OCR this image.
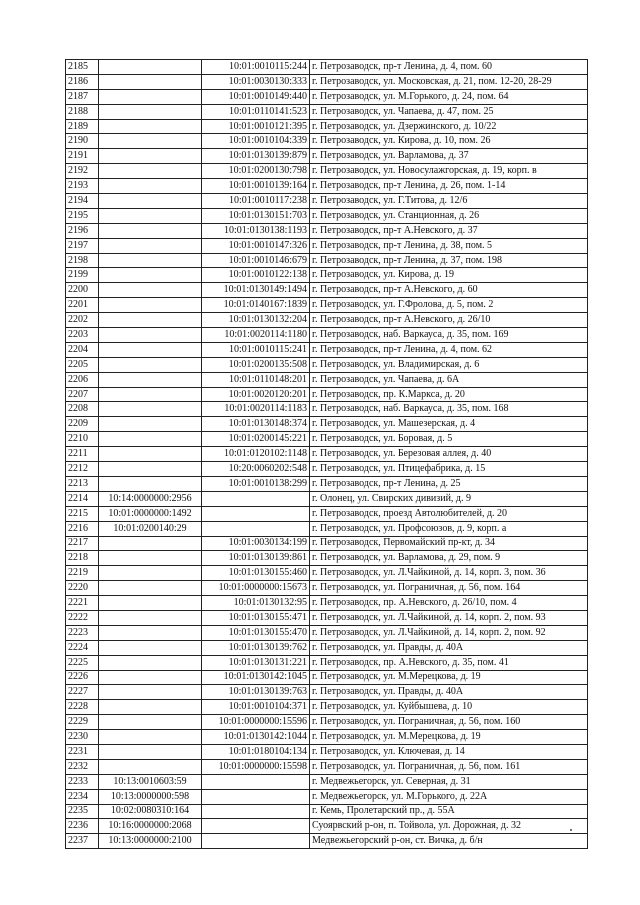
2185		10:01:0010115:244	г. Петрозаводск, пр-т Ленина, д. 4, пом. 60
2186		10:01:0030130:333	г. Петрозаводск, ул. Московская, д. 21, пом. 12-20, 28-29
2187		10:01:0010149:440	г. Петрозаводск, ул. М.Горького, д. 24, пом. 64
2188		10:01:0110141:523	г. Петрозаводск, ул. Чапаева, д. 47, пом. 25
2189		10:01:0010121:395	г. Петрозаводск, ул. Дзержинского, д. 10/22
2190		10:01:0010104:339	г. Петрозаводск, ул. Кирова, д. 10, пом. 26
2191		10:01:0130139:879	г. Петрозаводск, ул. Варламова, д. 37
2192		10:01:0200130:798	г. Петрозаводск, ул. Новосулажгорская, д. 19, корп. в
2193		10:01:0010139:164	г. Петрозаводск, пр-т Ленина, д. 26, пом. 1-14
2194		10:01:0010117:238	г. Петрозаводск, ул. Г.Титова, д. 12/6
2195		10:01:0130151:703	г. Петрозаводск, ул. Станционная, д. 26
2196		10:01:0130138:1193	г. Петрозаводск, пр-т А.Невского, д. 37
2197		10:01:0010147:326	г. Петрозаводск, пр-т Ленина, д. 38, пом. 5
2198		10:01:0010146:679	г. Петрозаводск, пр-т Ленина, д. 37, пом. 198
2199		10:01:0010122:138	г. Петрозаводск, ул. Кирова, д. 19
2200		10:01:0130149:1494	г. Петрозаводск, пр-т А.Невского, д. 60
2201		10:01:0140167:1839	г. Петрозаводск, ул. Г.Фролова, д. 5, пом. 2
2202		10:01:0130132:204	г. Петрозаводск, пр-т А.Невского, д. 26/10
2203		10:01:0020114:1180	г. Петрозаводск, наб. Варкауса, д. 35, пом. 169
2204		10:01:0010115:241	г. Петрозаводск, пр-т Ленина, д. 4, пом. 62
2205		10:01:0200135:508	г. Петрозаводск, ул. Владимирская, д. 6
2206		10:01:0110148:201	г. Петрозаводск, ул. Чапаева, д. 6А
2207		10:01:0020120:201	г. Петрозаводск, пр. К.Маркса, д. 20
2208		10:01:0020114:1183	г. Петрозаводск, наб. Варкауса, д. 35, пом. 168
2209		10:01:0130148:374	г. Петрозаводск, ул. Машезерская, д. 4
2210		10:01:0200145:221	г. Петрозаводск, ул. Боровая, д. 5
2211		10:01:0120102:1148	г. Петрозаводск, ул. Березовая аллея, д. 40
2212		10:20:0060202:548	г. Петрозаводск, ул. Птицефабрика, д. 15
2213		10:01:0010138:299	г. Петрозаводск, пр-т Ленина, д. 25
2214	10:14:0000000:2956		г. Олонец, ул. Свирских дивизий, д. 9
2215	10:01:0000000:1492		г. Петрозаводск, проезд Автолюбителей, д. 20
2216	10:01:0200140:29		г. Петрозаводск, ул. Профсоюзов, д. 9, корп. а
2217		10:01:0030134:199	г. Петрозаводск, Первомайский пр-кт, д. 34
2218		10:01:0130139:861	г. Петрозаводск, ул. Варламова, д. 29, пом. 9
2219		10:01:0130155:460	г. Петрозаводск, ул. Л.Чайкиной, д. 14, корп. 3, пом. 36
2220		10:01:0000000:15673	г. Петрозаводск, ул. Пограничная, д. 56, пом. 164
2221		10:01:0130132:95	г. Петрозаводск, пр. А.Невского, д. 26/10, пом. 4
2222		10:01:0130155:471	г. Петрозаводск, ул. Л.Чайкиной, д. 14, корп. 2, пом. 93
2223		10:01:0130155:470	г. Петрозаводск, ул. Л.Чайкиной, д. 14, корп. 2, пом. 92
2224		10:01:0130139:762	г. Петрозаводск, ул. Правды, д. 40А
2225		10:01:0130131:221	г. Петрозаводск, пр. А.Невского, д. 35, пом. 41
2226		10:01:0130142:1045	г. Петрозаводск, ул. М.Мерецкова, д. 19
2227		10:01:0130139:763	г. Петрозаводск, ул. Правды, д. 40А
2228		10:01:0010104:371	г. Петрозаводск, ул. Куйбышева, д. 10
2229		10:01:0000000:15596	г. Петрозаводск, ул. Пограничная, д. 56, пом. 160
2230		10:01:0130142:1044	г. Петрозаводск, ул. М.Мерецкова, д. 19
2231		10:01:0180104:134	г. Петрозаводск, ул. Ключевая, д. 14
2232		10:01:0000000:15598	г. Петрозаводск, ул. Пограничная, д. 56, пом. 161
2233	10:13:0010603:59		г. Медвежьегорск, ул. Северная, д. 31
2234	10:13:0000000:598		г. Медвежьегорск, ул. М.Горького, д. 22А
2235	10:02:0080310:164		г. Кемь, Пролетарский пр., д. 55А
2236	10:16:0000000:2068		Суоярвский р-он, п. Тойвола, ул. Дорожная, д. 32
2237	10:13:0000000:2100		Медвежьегорский р-он, ст. Вичка, д. б/н
